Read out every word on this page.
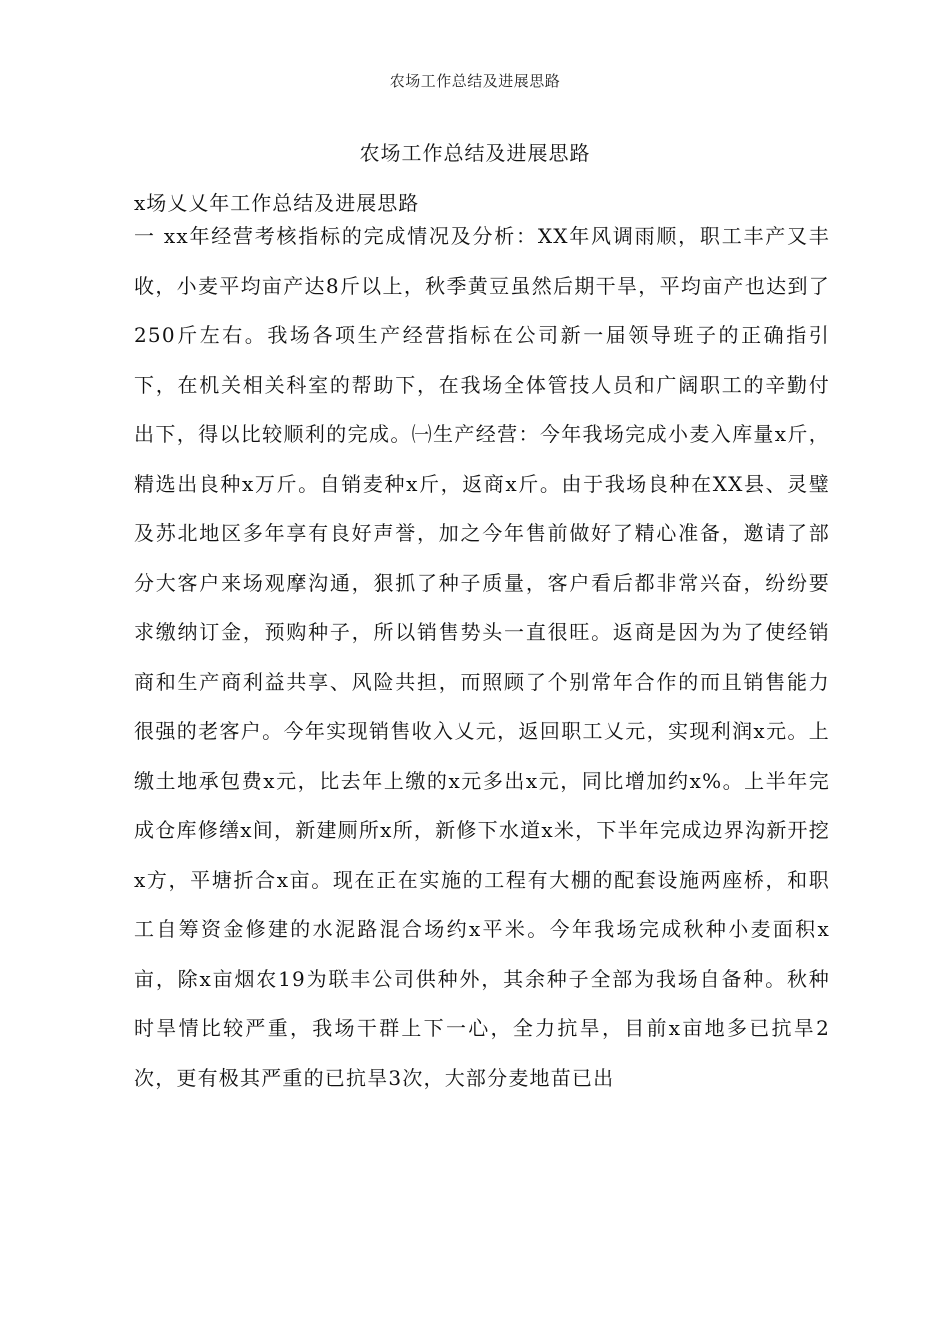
农场工作总结及进展思路
农场工作总结及进展思路
x场乂乂年工作总结及进展思路

一 xx年经营考核指标的完成情况及分析：XX年风调雨顺，职工丰产又丰收，小麦平均亩产达8斤以上，秋季黄豆虽然后期干旱，平均亩产也达到了 250斤左右。我场各项生产经营指标在公司新一届领导班子的正确指引下，在机关相关科室的帮助下，在我场全体管技人员和广阔职工的辛勤付出下，得以比较顺利的完成。㈠生产经营：今年我场完成小麦入库量x斤，精选出良种x万斤。自销麦种x斤，返商x斤。由于我场良种在XX县、灵璧及苏北地区多年享有良好声誉，加之今年售前做好了精心准备，邀请了部分大客户来场观摩沟通，狠抓了种子质量，客户看后都非常兴奋，纷纷要求缴纳订金，预购种子，所以销售势头一直很旺。返商是因为为了使经销商和生产商利益共享、风险共担，而照顾了个别常年合作的而且销售能力很强的老客户。今年实现销售收入乂元，返回职工乂元，实现利润x元。上缴土地承包费x元，比去年上缴的x元多出x元，同比增加约x%。上半年完成仓库修缮x间，新建厕所x所，新修下水道x米，下半年完成边界沟新开挖x方，平塘折合x亩。现在正在实施的工程有大棚的配套设施两座桥，和职工自筹资金修建的水泥路混合场约x平米。今年我场完成秋种小麦面积x亩，除x亩烟农19为联丰公司供种外，其余种子全部为我场自备种。秋种时旱情比较严重，我场干群上下一心，全力抗旱，目前x亩地多已抗旱2次，更有极其严重的已抗旱3次，大部分麦地苗已出
